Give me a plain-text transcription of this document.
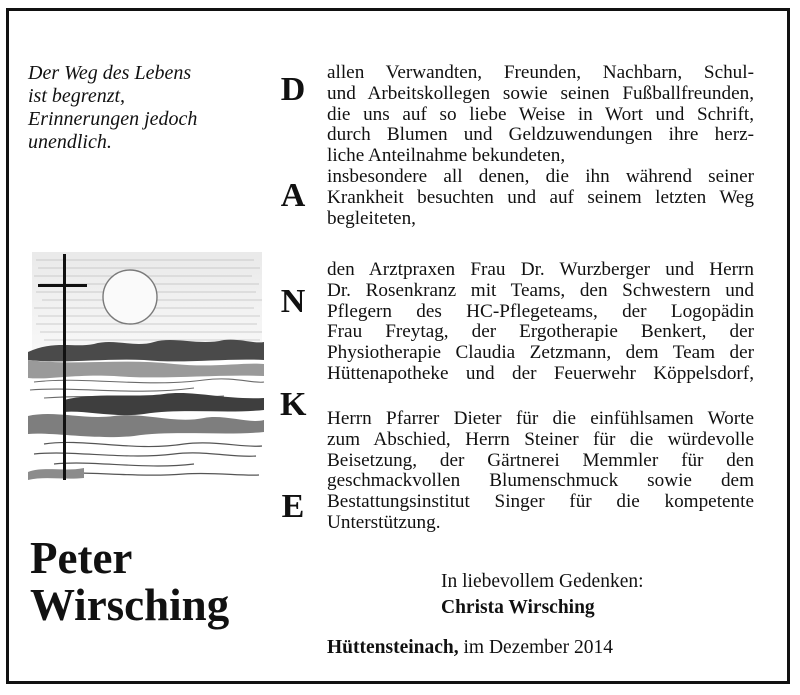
Der Weg des Lebens
ist begrenzt,
Erinnerungen jedoch
unendlich.
Peter
Wirsching
D
A
N
K
E
allen Verwandten, Freunden, Nachbarn, Schul-
und Arbeitskollegen sowie seinen Fußballfreunden,
die uns auf so liebe Weise in Wort und Schrift,
durch Blumen und Geldzuwendungen ihre herz-
liche Anteilnahme bekundeten,
insbesondere all denen, die ihn während seiner
Krankheit besuchten und auf seinem letzten Weg
begleiteten,
den Arztpraxen Frau Dr. Wurzberger und Herrn
Dr. Rosenkranz mit Teams, den Schwestern und
Pflegern des HC-Pflegeteams, der Logopädin
Frau Freytag, der Ergotherapie Benkert, der
Physiotherapie Claudia Zetzmann, dem Team der
Hüttenapotheke und der Feuerwehr Köppelsdorf,
Herrn Pfarrer Dieter für die einfühlsamen Worte
zum Abschied, Herrn Steiner für die würdevolle
Beisetzung, der Gärtnerei Memmler für den
geschmackvollen Blumenschmuck sowie dem
Bestattungsinstitut Singer für die kompetente
Unterstützung.
In liebevollem Gedenken:
Christa Wirsching
Hüttensteinach, im Dezember 2014
